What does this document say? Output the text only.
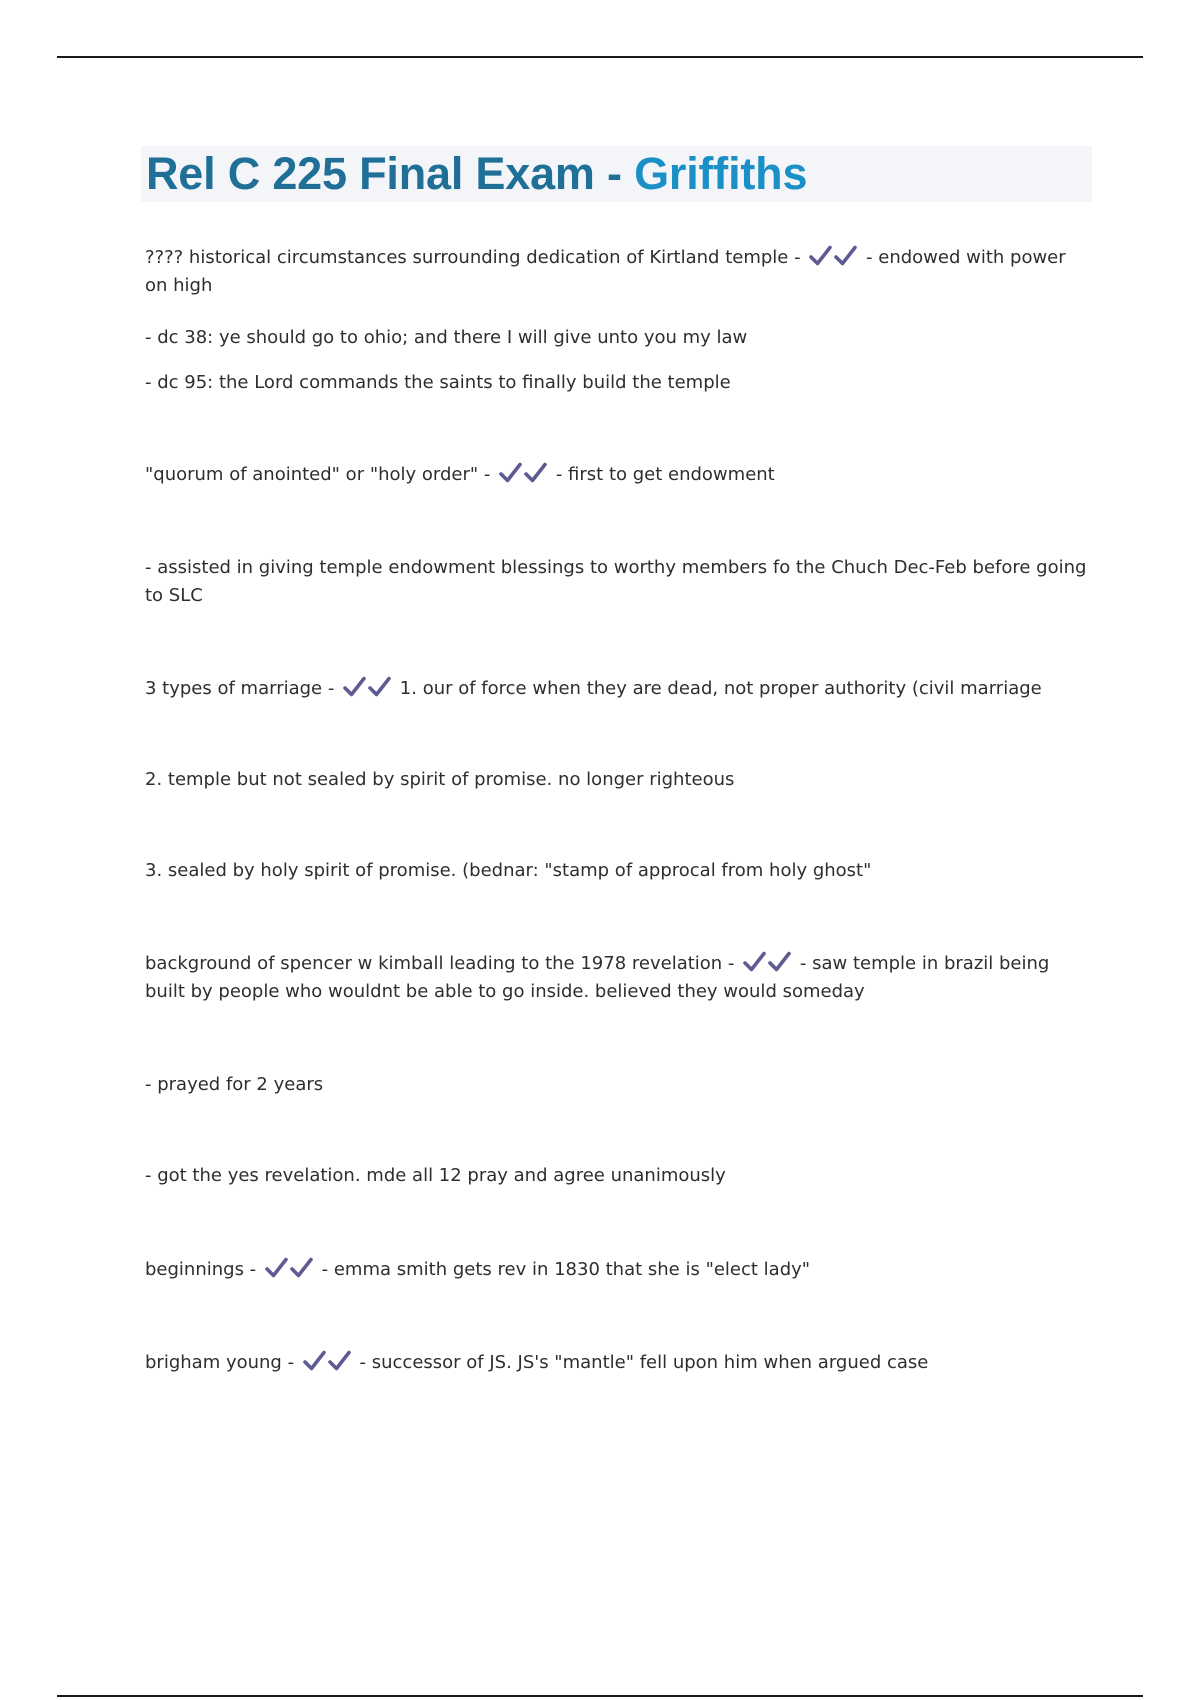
Rel C 225 Final Exam - Griffiths
???? historical circumstances surrounding dedication of Kirtland temple -	- endowed with power on high
- dc 38: ye should go to ohio; and there I will give unto you my law
- dc 95: the Lord commands the saints to finally build the temple
"quorum of anointed" or "holy order" -	- first to get endowment
- assisted in giving temple endowment blessings to worthy members fo the Chuch Dec-Feb before going to SLC
3 types of marriage -	1. our of force when they are dead, not proper authority (civil marriage
2. temple but not sealed by spirit of promise. no longer righteous
3. sealed by holy spirit of promise. (bednar: "stamp of approcal from holy ghost"
background of spencer w kimball leading to the 1978 revelation -	- saw temple in brazil being built by people who wouldnt be able to go inside. believed they would someday
- prayed for 2 years
- got the yes revelation. mde all 12 pray and agree unanimously
beginnings -	- emma smith gets rev in 1830 that she is "elect lady"
brigham young -	- successor of JS. JS's "mantle" fell upon him when argued case
